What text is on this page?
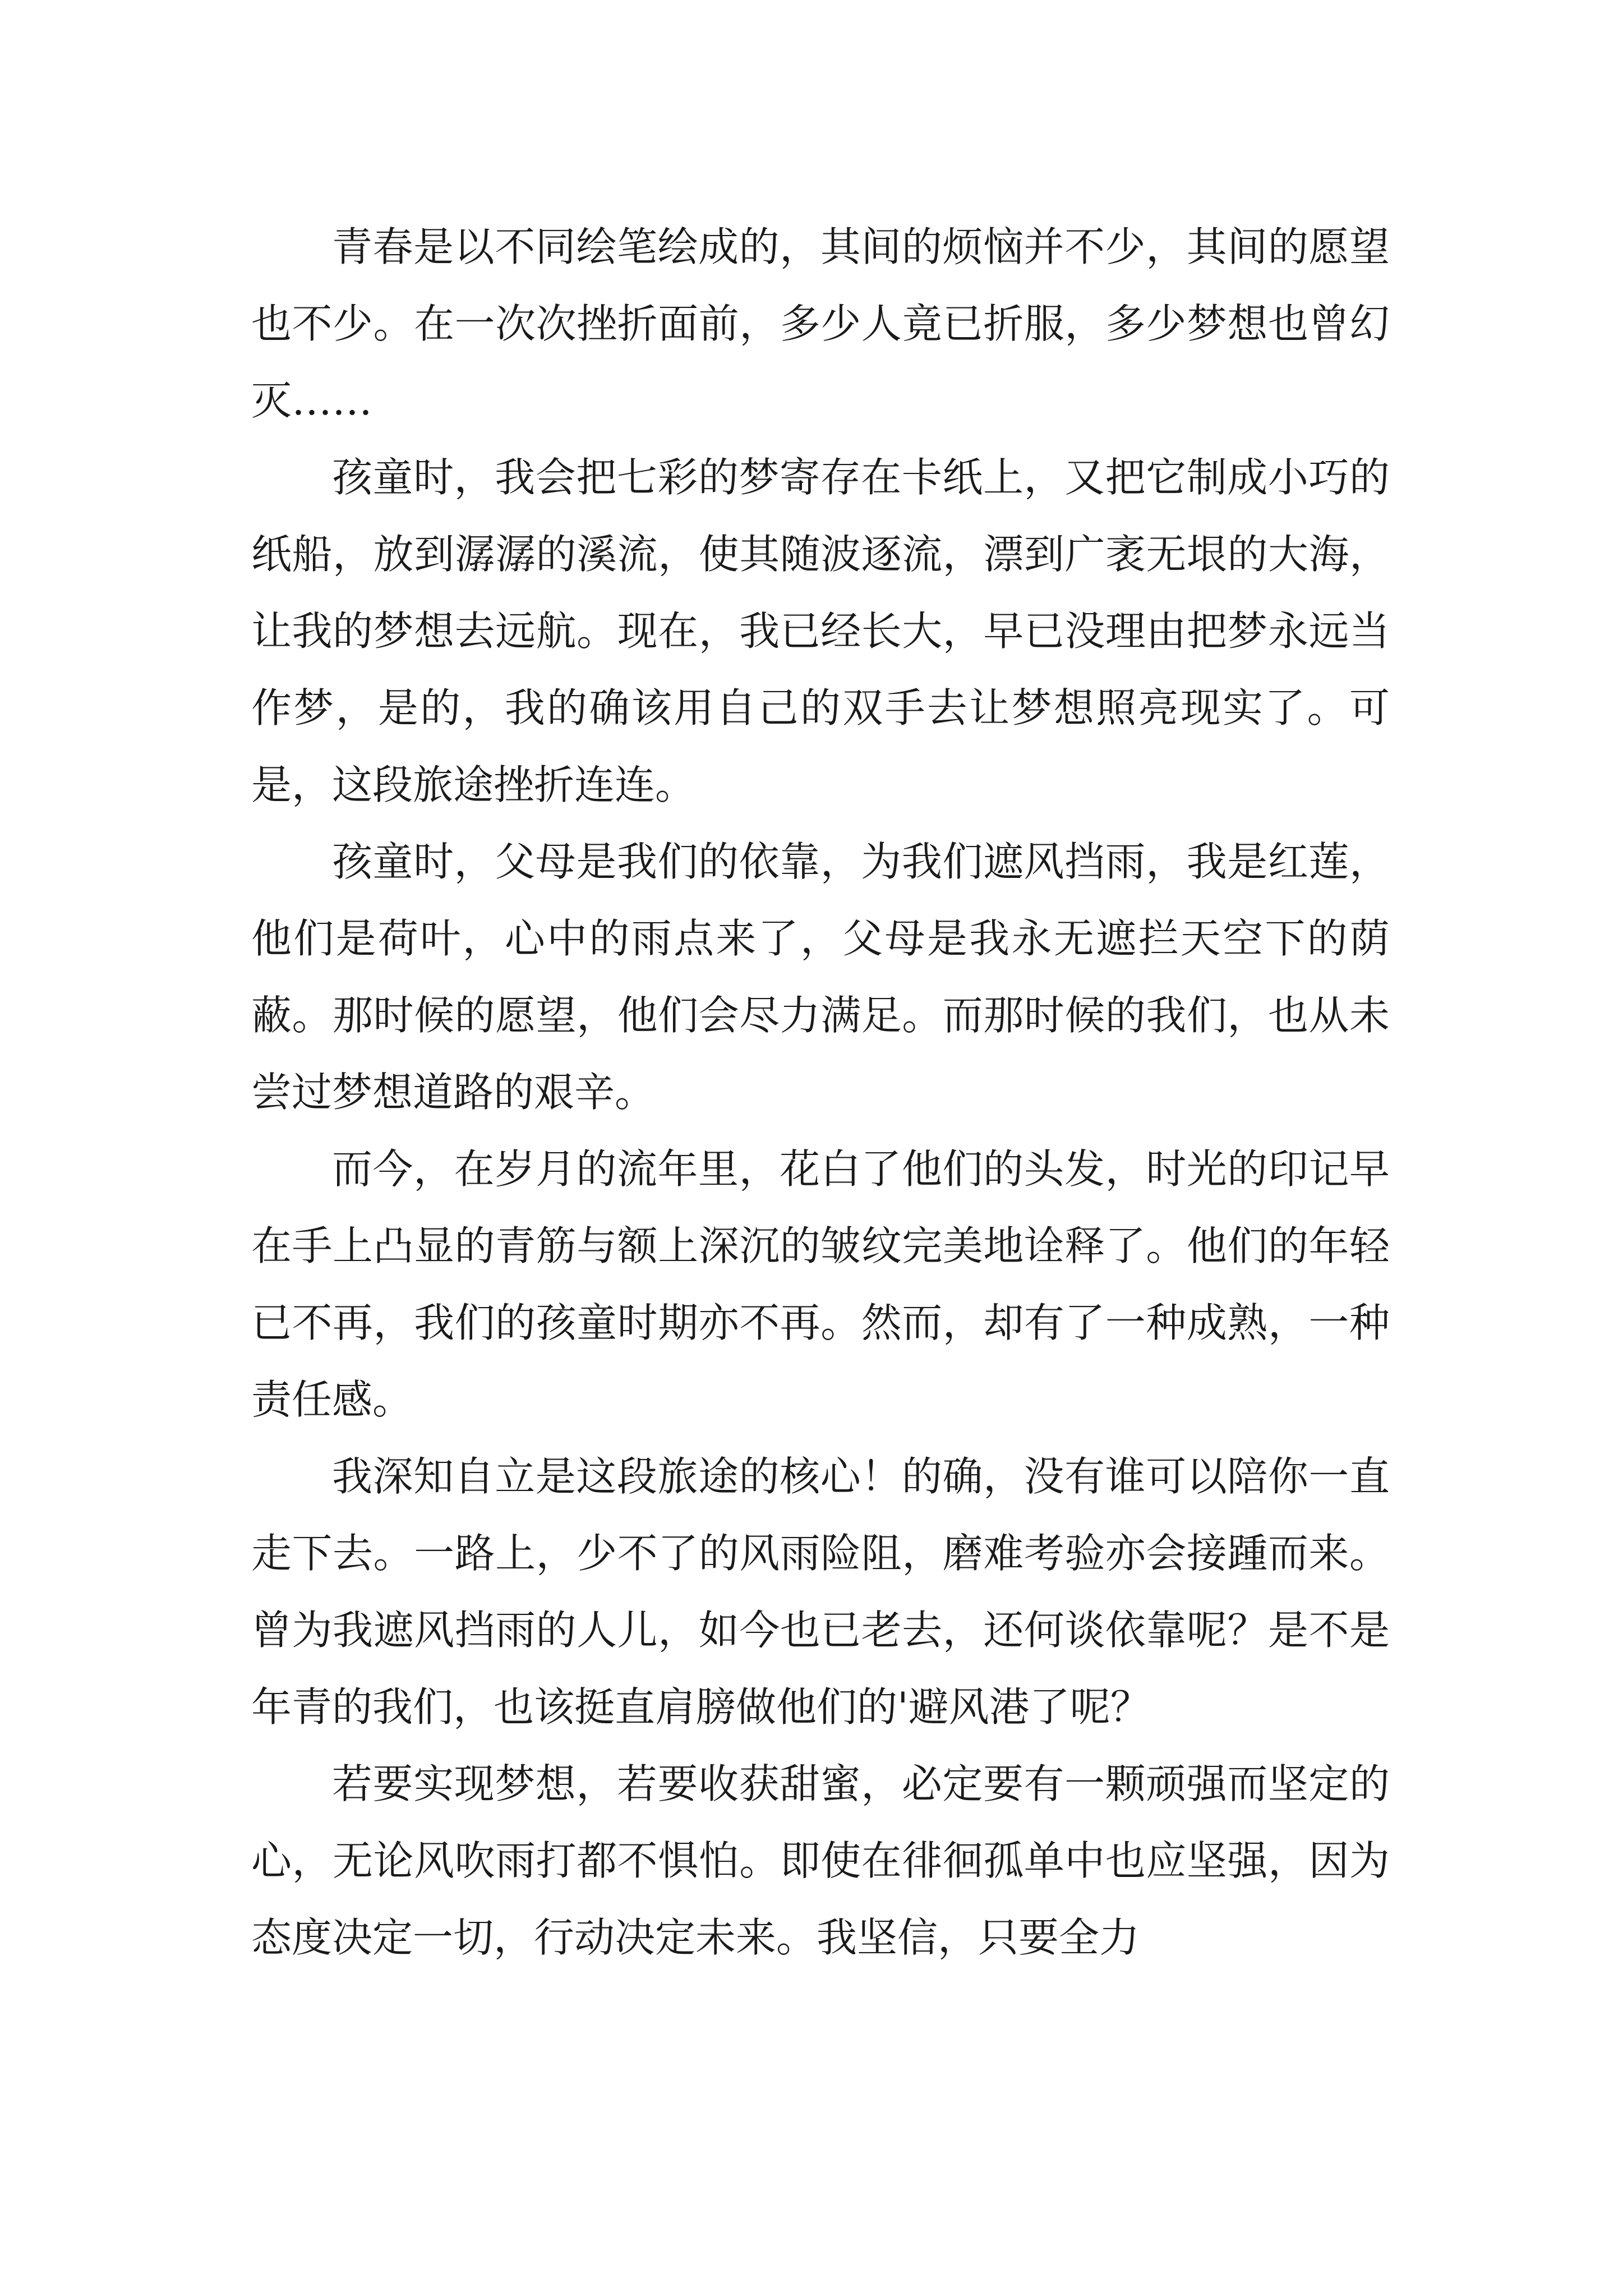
青春是以不同绘笔绘成的，其间的烦恼并不少，其间的愿望也不少。在一次次挫折面前，多少人竟已折服，多少梦想也曾幻灭……

孩童时，我会把七彩的梦寄存在卡纸上，又把它制成小巧的纸船，放到潺潺的溪流，使其随波逐流，漂到广袤无垠的大海，让我的梦想去远航。现在，我已经长大，早已没理由把梦永远当作梦，是的，我的确该用自己的双手去让梦想照亮现实了。可是，这段旅途挫折连连。

孩童时，父母是我们的依靠，为我们遮风挡雨，我是红莲，他们是荷叶，心中的雨点来了，父母是我永无遮拦天空下的荫蔽。那时候的愿望，他们会尽力满足。而那时候的我们，也从未尝过梦想道路的艰辛。

而今，在岁月的流年里，花白了他们的头发，时光的印记早在手上凸显的青筋与额上深沉的皱纹完美地诠释了。他们的年轻已不再，我们的孩童时期亦不再。然而，却有了一种成熟，一种责任感。

我深知自立是这段旅途的核心！的确，没有谁可以陪你一直走下去。一路上，少不了的风雨险阻，磨难考验亦会接踵而来。曾为我遮风挡雨的人儿，如今也已老去，还何谈依靠呢？是不是年青的我们，也该挺直肩膀做他们的'避风港了呢？

若要实现梦想，若要收获甜蜜，必定要有一颗顽强而坚定的心，无论风吹雨打都不惧怕。即使在徘徊孤单中也应坚强，因为态度决定一切，行动决定未来。我坚信，只要全力
